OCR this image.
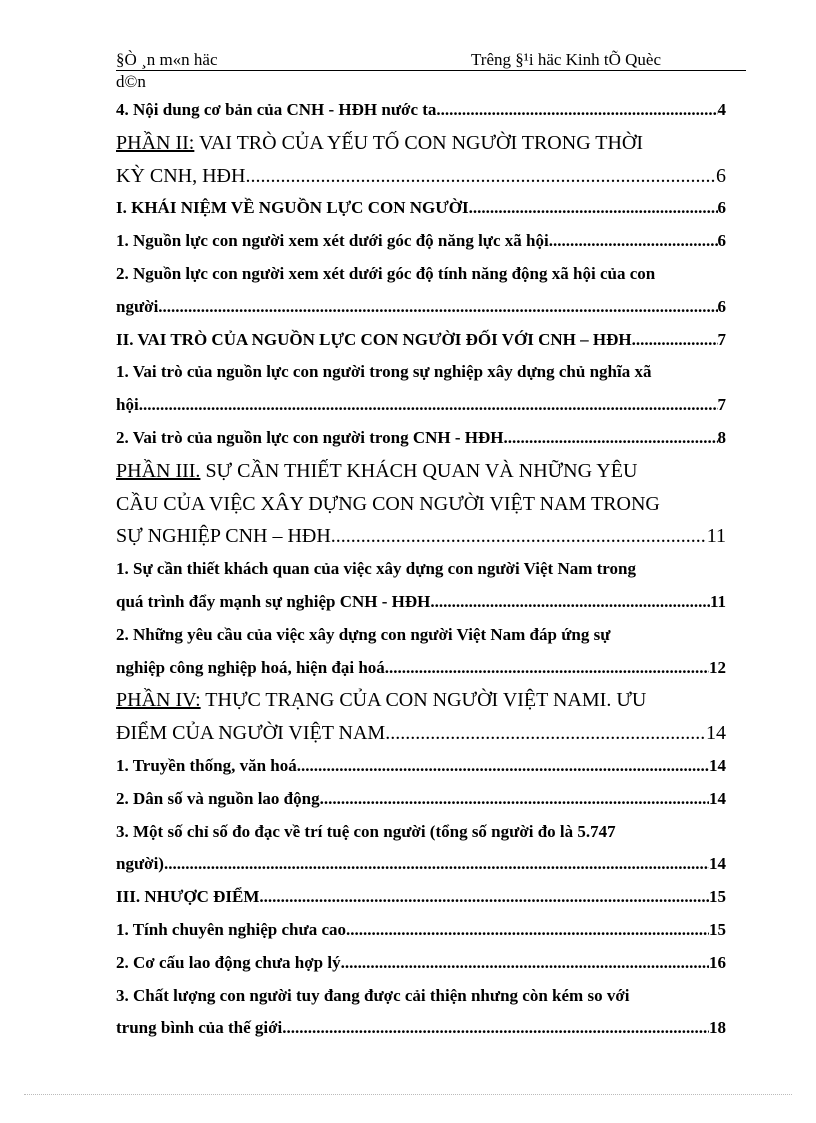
§Ò ¸n m«n häc	Trêng §¹i häc Kinh tÕ Quèc
d©n
4. Nội dung cơ bản của CNH - HĐH nước ta .....	4
PHẦN II: VAI TRÒ CỦA YẾU TỐ CON NGƯỜI TRONG THỜI
KỲ CNH, HĐH .....	6
I. KHÁI NIỆM VỀ NGUỒN LỰC CON NGƯỜI .....	6
1. Nguồn lực con người xem xét dưới góc độ năng lực xã hội .....	6
2. Nguồn lực con người xem xét dưới góc độ tính năng động xã hội của con
người .....	6
II. VAI TRÒ CỦA NGUỒN LỰC CON NGƯỜI ĐỐI VỚI CNH – HĐH. .....	7
1. Vai trò của nguồn lực con người trong sự nghiệp xây dựng chủ nghĩa xã
hội .....	7
2. Vai trò của nguồn lực con người trong CNH - HĐH .....	8
PHẦN III. SỰ CẦN THIẾT KHÁCH QUAN VÀ NHỮNG YÊU
CẦU CỦA VIỆC XÂY DỰNG CON NGƯỜI VIỆT NAM TRONG
SỰ NGHIỆP CNH – HĐH .....	11
1. Sự cần thiết khách quan của việc xây dựng con người Việt Nam trong
quá trình đẩy mạnh sự nghiệp CNH - HĐH. .....	11
2. Những yêu cầu của việc xây dựng con người Việt Nam đáp ứng sự
nghiệp công nghiệp hoá, hiện đại hoá. .....	12
PHẦN IV: THỰC TRẠNG CỦA CON NGƯỜI VIỆT NAMI. ƯU
ĐIỂM CỦA NGƯỜI VIỆT NAM .....	14
1. Truyền thống, văn hoá .....	14
2. Dân số và nguồn lao động .....	14
3. Một số chỉ số đo đạc về trí tuệ con người (tổng số người đo là 5.747
người) .....	14
III. NHƯỢC ĐIỂM .....	15
1. Tính chuyên nghiệp chưa cao .....	15
2. Cơ cấu lao động chưa hợp lý .....	16
3. Chất lượng con người tuy đang được cải thiện nhưng còn kém so với
trung bình của thế giới .....	18
